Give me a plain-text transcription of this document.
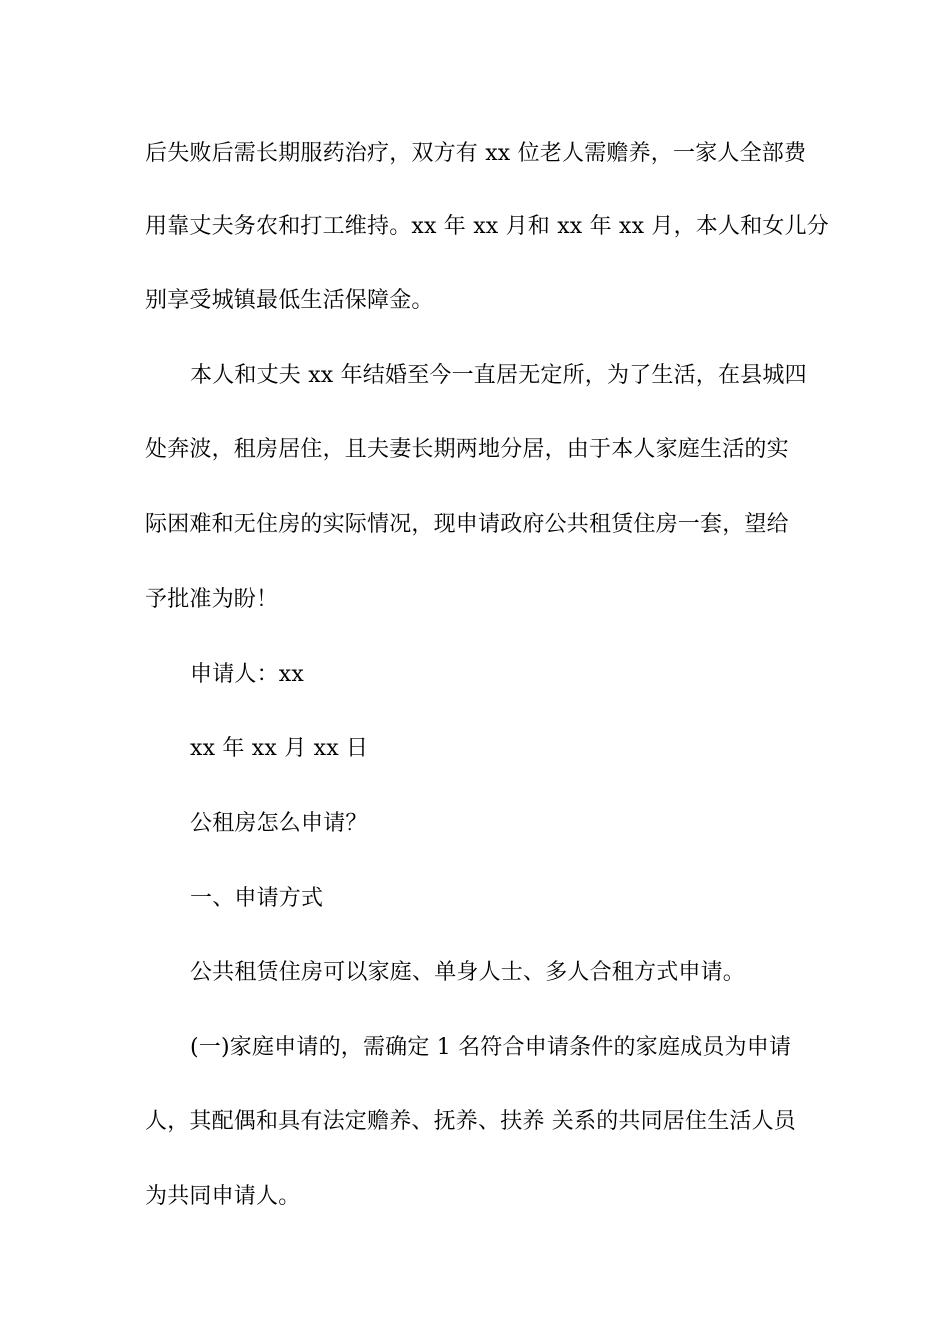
后失败后需长期服药治疗，双方有 xx 位老人需赡养，一家人全部费
用靠丈夫务农和打工维持。xx 年 xx 月和 xx 年 xx 月，本人和女儿分
别享受城镇最低生活保障金。
本人和丈夫 xx 年结婚至今一直居无定所，为了生活，在县城四
处奔波，租房居住，且夫妻长期两地分居，由于本人家庭生活的实
际困难和无住房的实际情况，现申请政府公共租赁住房一套，望给
予批准为盼！
申请人：xx
xx 年 xx 月 xx 日
公租房怎么申请？
一、申请方式
公共租赁住房可以家庭、单身人士、多人合租方式申请。
(一)家庭申请的，需确定 1 名符合申请条件的家庭成员为申请
人，其配偶和具有法定赡养、抚养、扶养 关系的共同居住生活人员
为共同申请人。
